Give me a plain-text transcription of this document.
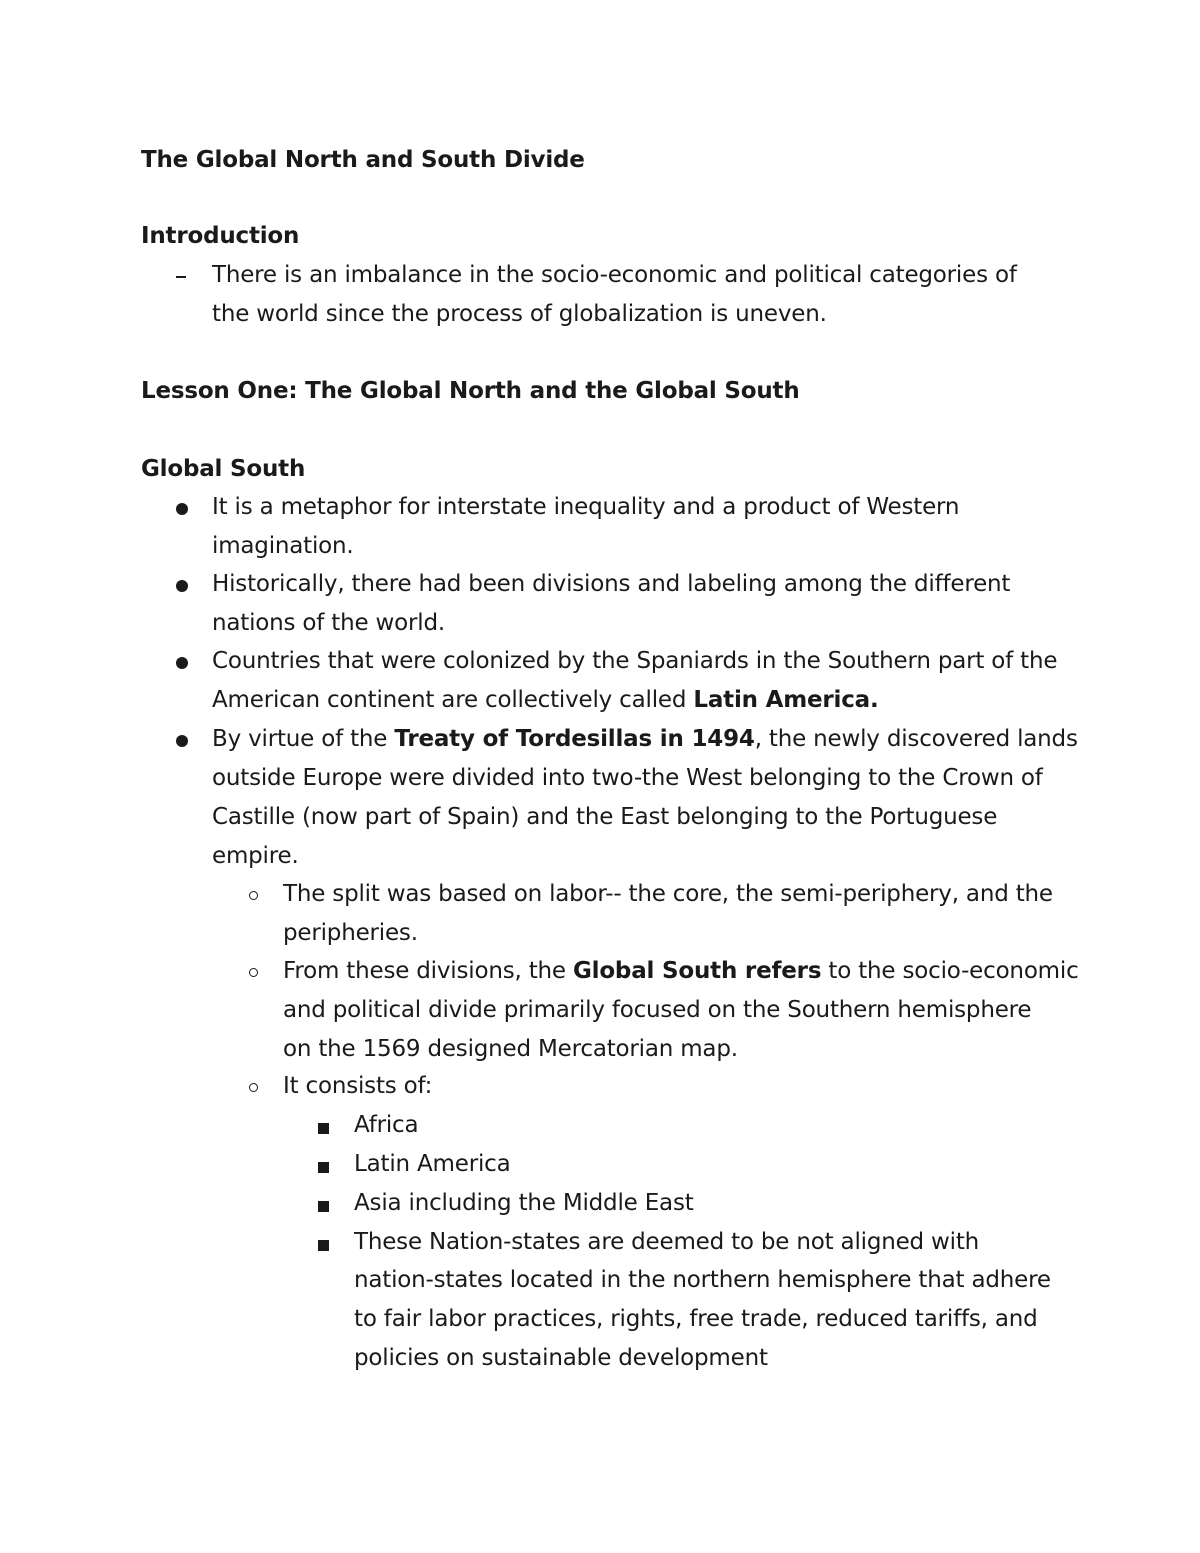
The Global North and South Divide
Introduction
There is an imbalance in the socio-economic and political categories of
the world since the process of globalization is uneven.
Lesson One: The Global North and the Global South
Global South
It is a metaphor for interstate inequality and a product of Western
imagination.
Historically, there had been divisions and labeling among the different
nations of the world.
Countries that were colonized by the Spaniards in the Southern part of the
American continent are collectively called Latin America.
By virtue of the Treaty of Tordesillas in 1494, the newly discovered lands
outside Europe were divided into two-the West belonging to the Crown of
Castille (now part of Spain) and the East belonging to the Portuguese
empire.
The split was based on labor-- the core, the semi-periphery, and the
peripheries.
From these divisions, the Global South refers to the socio-economic
and political divide primarily focused on the Southern hemisphere
on the 1569 designed Mercatorian map.
It consists of:
Africa
Latin America
Asia including the Middle East
These Nation-states are deemed to be not aligned with
nation-states located in the northern hemisphere that adhere
to fair labor practices, rights, free trade, reduced tariffs, and
policies on sustainable development
